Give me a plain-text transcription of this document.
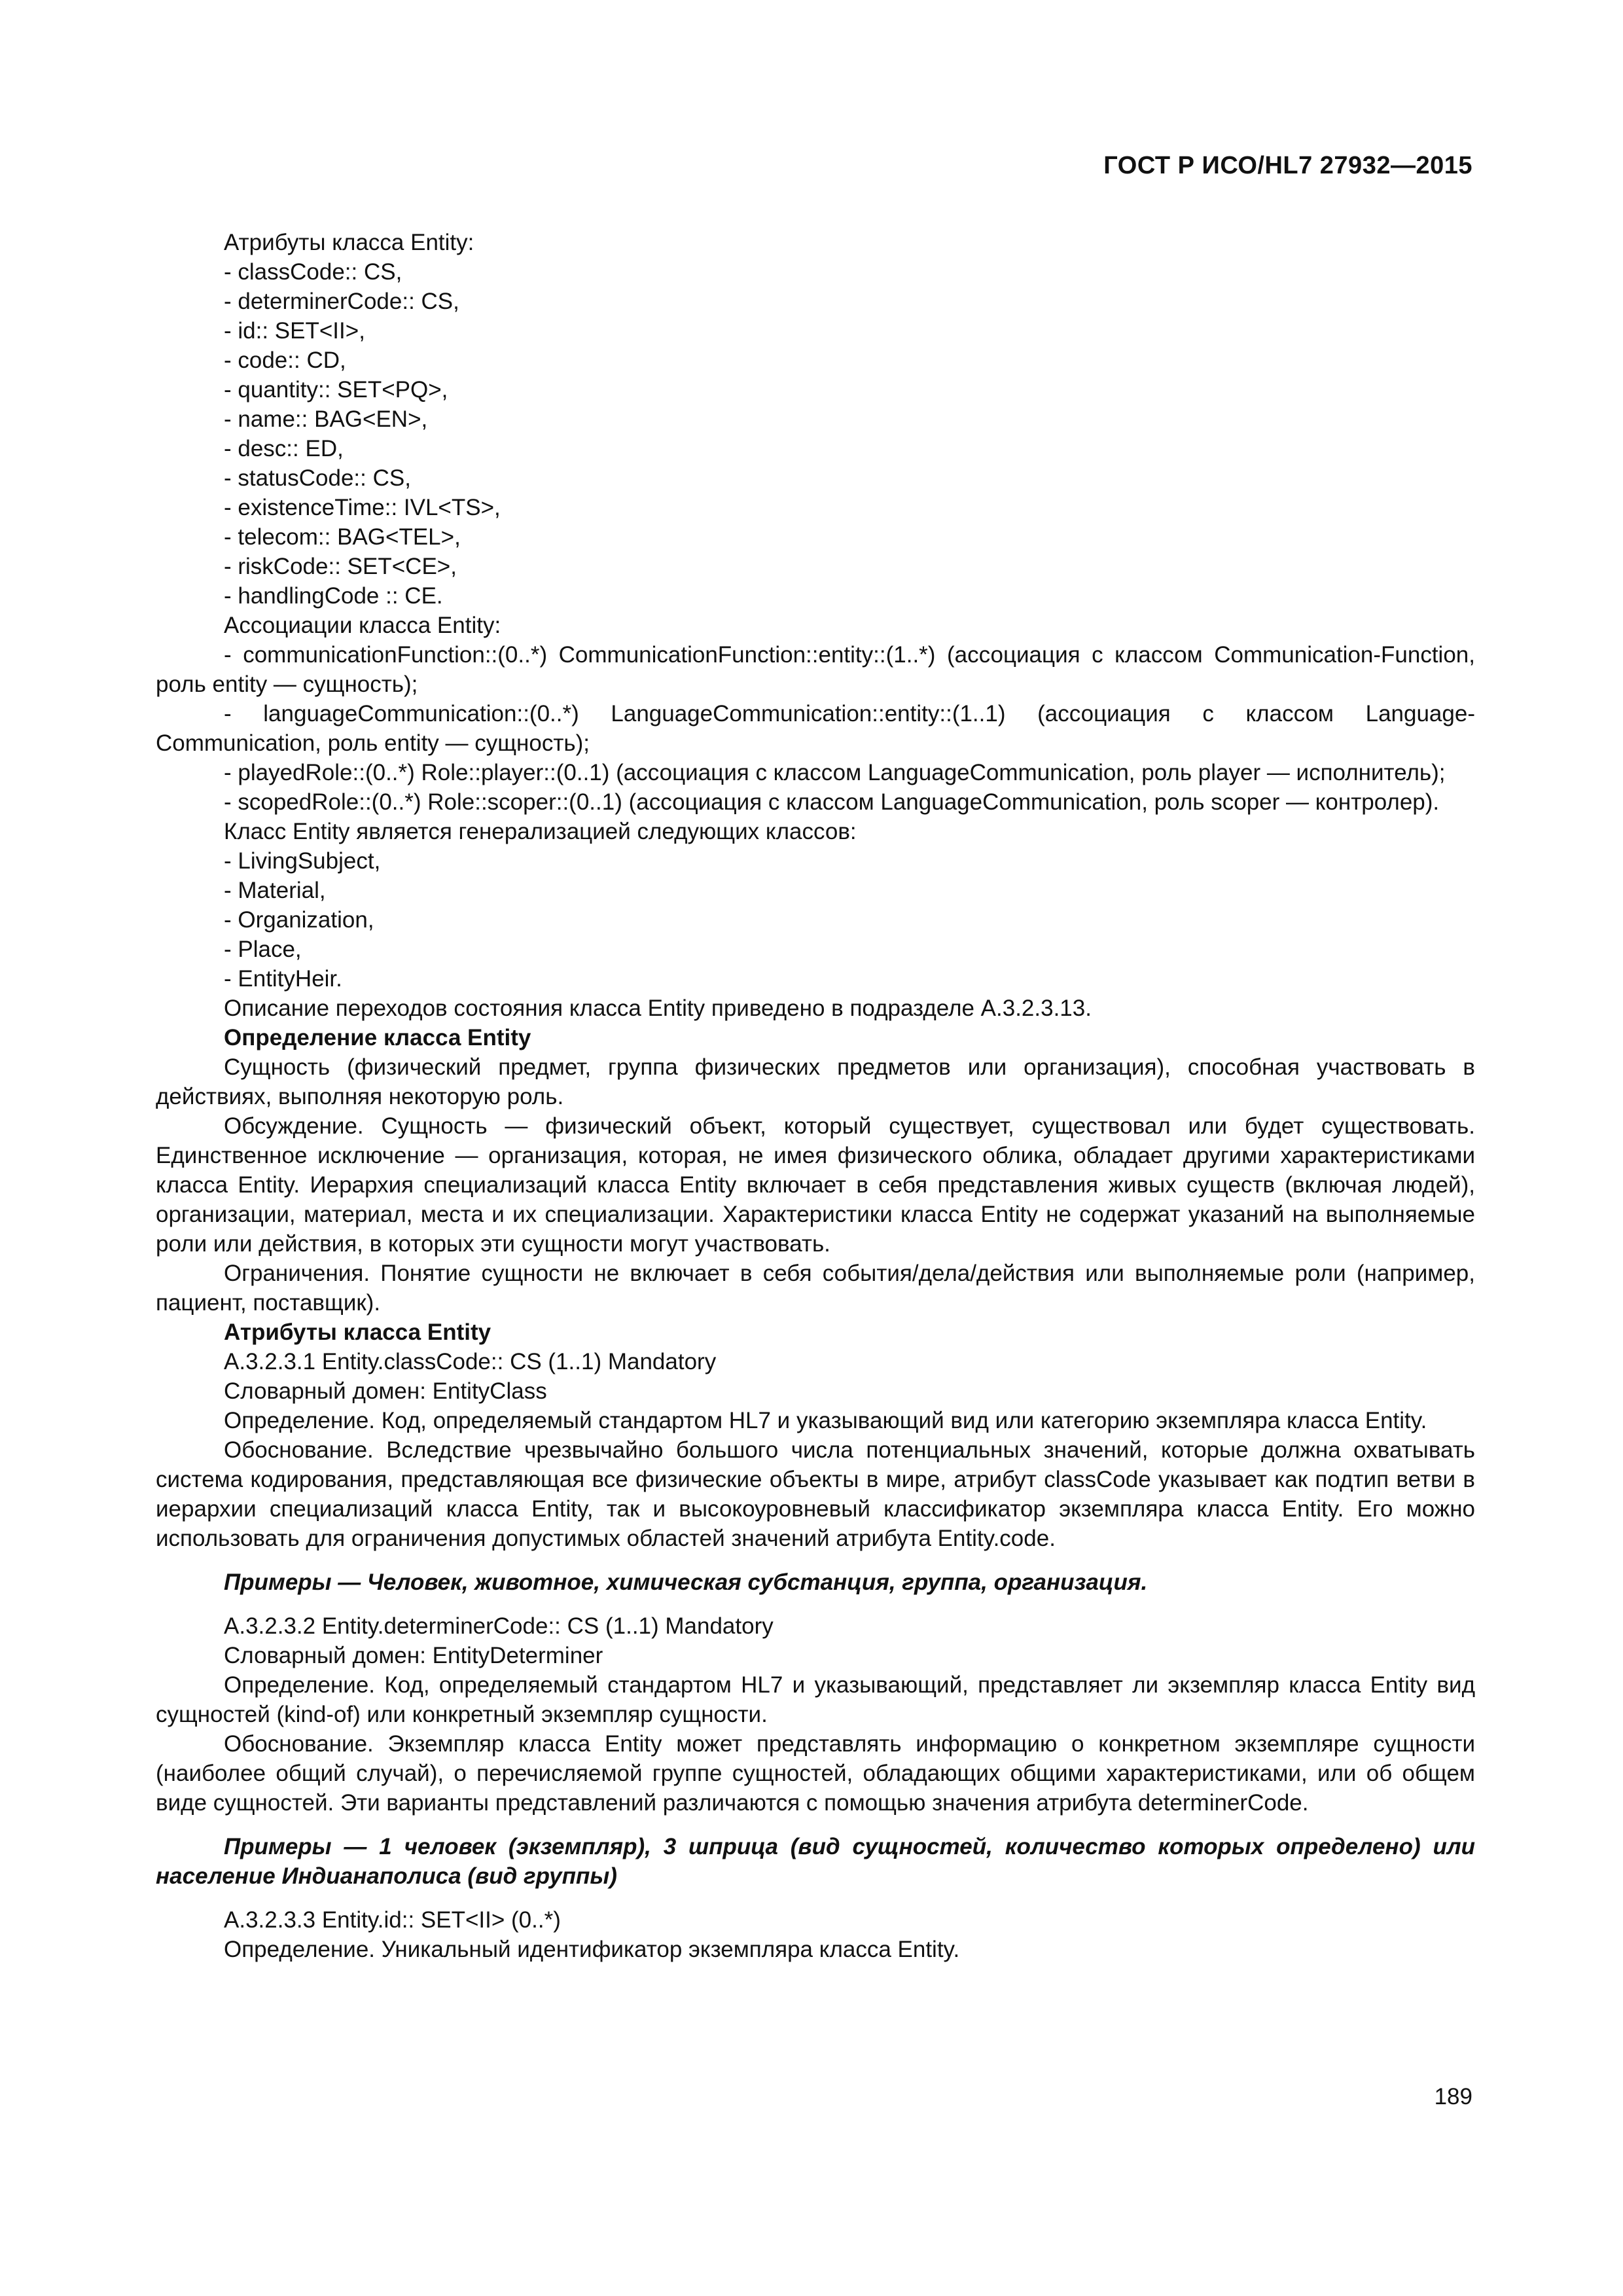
ГОСТ Р ИСО/HL7 27932—2015

Атрибуты класса Entity:

- classCode:: CS,

- determinerCode:: CS,

- id:: SET<II>,

- code:: CD,

- quantity:: SET<PQ>,

- name:: BAG<EN>,

- desc:: ED,

- statusCode:: CS,

- existenceTime:: IVL<TS>,

- telecom:: BAG<TEL>,

- riskCode:: SET<CE>,

- handlingCode :: CE.

Ассоциации класса Entity:

- communicationFunction::(0..*) CommunicationFunction::entity::(1..*) (ассоциация с классом Communication-Function, роль entity — сущность);

- languageCommunication::(0..*) LanguageCommunication::entity::(1..1) (ассоциация с классом Language-Communication, роль entity — сущность);

- playedRole::(0..*) Role::player::(0..1) (ассоциация с классом LanguageCommunication, роль player — исполнитель);

- scopedRole::(0..*) Role::scoper::(0..1) (ассоциация с классом LanguageCommunication, роль scoper — контролер).

Класс Entity является генерализацией следующих классов:

- LivingSubject,

- Material,

- Organization,

- Place,

- EntityHeir.

Описание переходов состояния класса Entity приведено в подразделе А.3.2.3.13.

Определение класса Entity

Сущность (физический предмет, группа физических предметов или организация), способная участвовать в действиях, выполняя некоторую роль.

Обсуждение. Сущность — физический объект, который существует, существовал или будет существовать. Единственное исключение — организация, которая, не имея физического облика, обладает другими характеристиками класса Entity. Иерархия специализаций класса Entity включает в себя представления живых существ (включая людей), организации, материал, места и их специализации. Характеристики класса Entity не содержат указаний на выполняемые роли или действия, в которых эти сущности могут участвовать.

Ограничения. Понятие сущности не включает в себя события/дела/действия или выполняемые роли (например, пациент, поставщик).

Атрибуты класса Entity

А.3.2.3.1 Entity.classCode:: CS (1..1) Mandatory

Словарный домен: EntityClass

Определение. Код, определяемый стандартом HL7 и указывающий вид или категорию экземпляра класса Entity.

Обоснование. Вследствие чрезвычайно большого числа потенциальных значений, которые должна охватывать система кодирования, представляющая все физические объекты в мире, атрибут classCode указывает как подтип ветви в иерархии специализаций класса Entity, так и высокоуровневый классификатор экземпляра класса Entity. Его можно использовать для ограничения допустимых областей значений атрибута Entity.code.

Примеры — Человек, животное, химическая субстанция, группа, организация.

А.3.2.3.2 Entity.determinerCode:: CS (1..1) Mandatory

Словарный домен: EntityDeterminer

Определение. Код, определяемый стандартом HL7 и указывающий, представляет ли экземпляр класса Entity вид сущностей (kind-of) или конкретный экземпляр сущности.

Обоснование. Экземпляр класса Entity может представлять информацию о конкретном экземпляре сущности (наиболее общий случай), о перечисляемой группе сущностей, обладающих общими характеристиками, или об общем виде сущностей. Эти варианты представлений различаются с помощью значения атрибута determinerCode.

Примеры — 1 человек (экземпляр), 3 шприца (вид сущностей, количество которых определено) или население Индианаполиса (вид группы)

А.3.2.3.3 Entity.id:: SET<II> (0..*)

Определение. Уникальный идентификатор экземпляра класса Entity.

189
